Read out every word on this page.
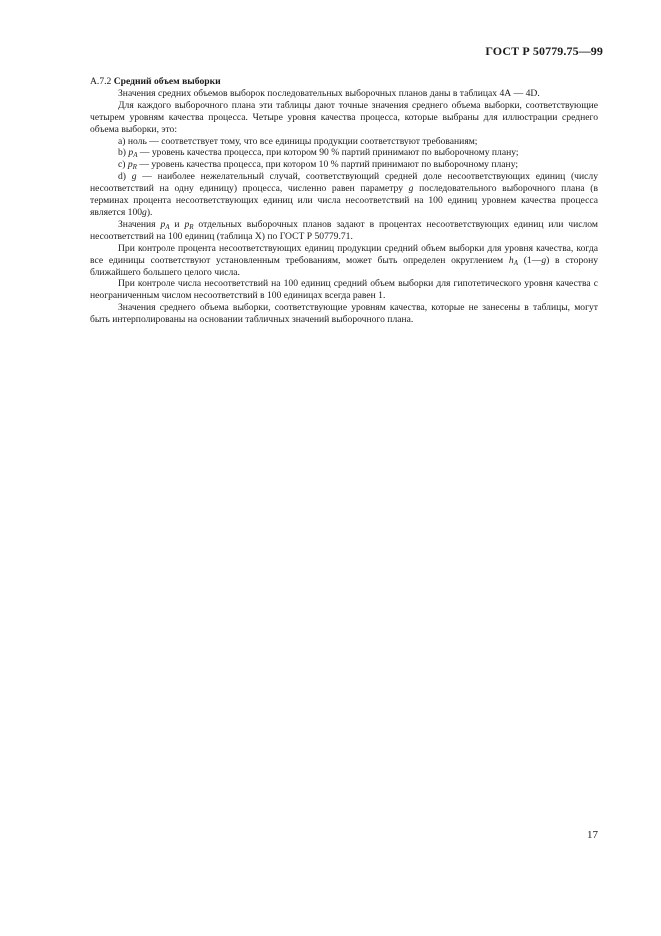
ГОСТ Р 50779.75—99

А.7.2 Средний объем выборки

Значения средних объемов выборок последовательных выборочных планов даны в таблицах 4А — 4D.

Для каждого выборочного плана эти таблицы дают точные значения среднего объема выборки, соответствующие четырем уровням качества процесса. Четыре уровня качества процесса, которые выбраны для иллюстрации среднего объема выборки, это:

а) ноль — соответствует тому, что все единицы продукции соответствуют требованиям;

b) $p_A$ — уровень качества процесса, при котором 90 % партий принимают по выборочному плану;

c) $p_R$ — уровень качества процесса, при котором 10 % партий принимают по выборочному плану;

d) g — наиболее нежелательный случай, соответствующий средней доле несоответствующих единиц (числу несоответствий на одну единицу) процесса, численно равен параметру g последовательного выборочного плана (в терминах процента несоответствующих единиц или числа несоответствий на 100 единиц уровнем качества процесса является 100g).

Значения $p_A$ и $p_R$ отдельных выборочных планов задают в процентах несоответствующих единиц или числом несоответствий на 100 единиц (таблица X) по ГОСТ Р 50779.71.

При контроле процента несоответствующих единиц продукции средний объем выборки для уровня качества, когда все единицы соответствуют установленным требованиям, может быть определен округлением $h_A$ (1—g) в сторону ближайшего большего целого числа.

При контроле числа несоответствий на 100 единиц средний объем выборки для гипотетического уровня качества с неограниченным числом несоответствий в 100 единицах всегда равен 1.

Значения среднего объема выборки, соответствующие уровням качества, которые не занесены в таблицы, могут быть интерполированы на основании табличных значений выборочного плана.

17
